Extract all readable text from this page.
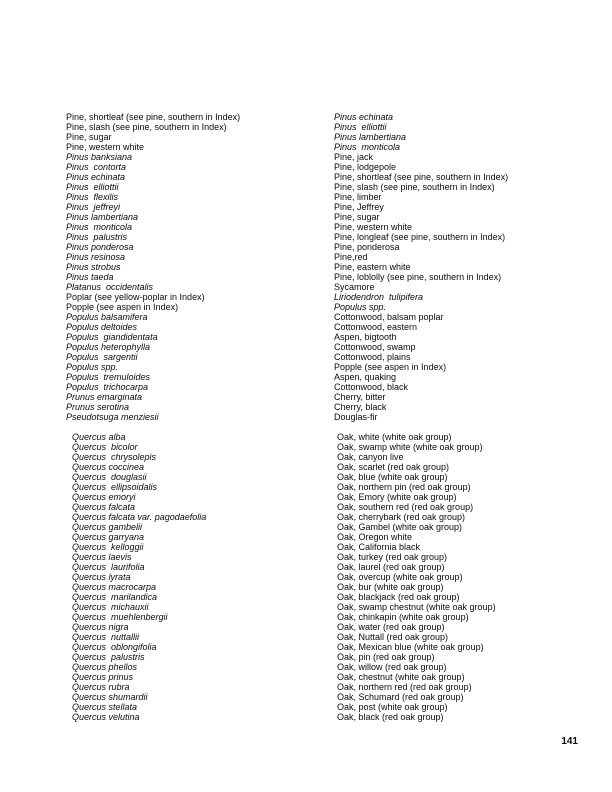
Pine, shortleaf (see pine, southern in Index)	Pinus echinata
Pine, slash (see pine, southern in Index)	Pinus  elliottii
Pine, sugar	Pinus lambertiana
Pine, western white	Pinus  monticola
Pinus banksiana	Pine, jack
Pinus  contorta	Pine, lodgepole
Pinus echinata	Pine, shortleaf (see pine, southern in Index)
Pinus  elliottii	Pine, slash (see pine, southern in Index)
Pinus  flexilis	Pine, limber
Pinus  jeffreyi	Pine, Jeffrey
Pinus lambertiana	Pine, sugar
Pinus  monticola	Pine, western white
Pinus  palustris	Pine, longleaf (see pine, southern in Index)
Pinus ponderosa	Pine, ponderosa
Pinus resinosa	Pine,red
Pinus strobus	Pine, eastern white
Pinus taeda	Pine, loblolly (see pine, southern in Index)
Platanus  occidentalis	Sycamore
Poplar (see yellow-poplar in Index)	Liriodendron  tulipifera
Popple (see aspen in Index)	Populus spp.
Populus balsamifera	Cottonwood, balsam poplar
Populus deltoides	Cottonwood, eastern
Populus  giandidentata	Aspen, bigtooth
Populus heterophylla	Cottonwood, swamp
Populus  sargentii	Cottonwood, plains
Populus spp.	Popple (see aspen in Index)
Populus  tremuloides	Aspen, quaking
Populus  trichocarpa	Cottonwood, black
Prunus emarginata	Cherry, bitter
Prunus serotina	Cherry, black
Pseudotsuga menziesii	Douglas-fir
Quercus alba	Oak, white (white oak group)
Quercus  bicolor	Oak, swamp white (white oak group)
Quercus  chrysolepis	Oak, canyon live
Quercus coccinea	Oak, scarlet (red oak group)
Quercus  douglasii	Oak, blue (white oak group)
Quercus  ellipsoidalis	Oak, northern pin (red oak group)
Quercus emoryi	Oak, Emory (white oak group)
Quercus falcata	Oak, southern red (red oak group)
Quercus falcata var. pagodaefolia	Oak, cherrybark (red oak group)
Quercus gambelii	Oak, Gambel (white oak group)
Quercus garryana	Oak, Oregon white
Quercus  kelloggii	Oak, California black
Quercus laevis	Oak, turkey (red oak group)
Quercus  laurifolia	Oak, laurel (red oak group)
Quercus lyrata	Oak, overcup (white oak group)
Quercus macrocarpa	Oak, bur (white oak group)
Quercus  marilandica	Oak, blackjack (red oak group)
Quercus  michauxii	Oak, swamp chestnut (white oak group)
Quercus  muehlenbergii	Oak, chinkapin (white oak group)
Quercus nigra	Oak, water (red oak group)
Quercus  nuttallii	Oak, Nuttall (red oak group)
Quercus  oblongifolia	Oak, Mexican blue (white oak group)
Quercus  palustris	Oak, pin (red oak group)
Quercus phellos	Oak, willow (red oak group)
Quercus prinus	Oak, chestnut (white oak group)
Quercus rubra	Oak, northern red (red oak group)
Quercus shumardii	Oak, Schumard (red oak group)
Quercus stellata	Oak, post (white oak group)
Quercus velutina	Oak, black (red oak group)
141
